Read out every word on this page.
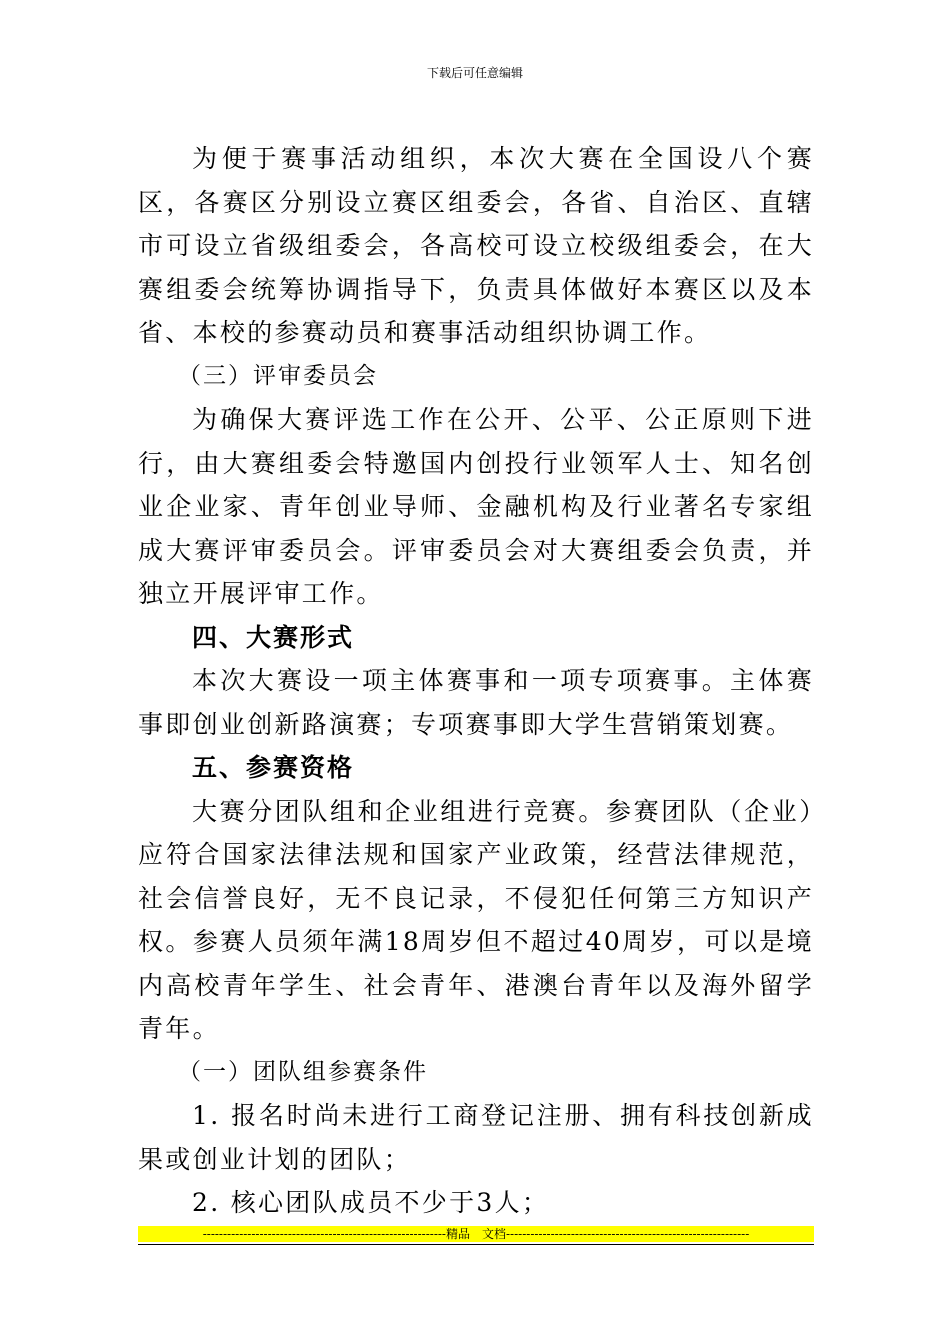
下载后可任意编辑

为便于赛事活动组织，本次大赛在全国设八个赛区，各赛区分别设立赛区组委会，各省、自治区、直辖市可设立省级组委会，各高校可设立校级组委会，在大赛组委会统筹协调指导下，负责具体做好本赛区以及本省、本校的参赛动员和赛事活动组织协调工作。

（三）评审委员会

为确保大赛评选工作在公开、公平、公正原则下进行，由大赛组委会特邀国内创投行业领军人士、知名创业企业家、青年创业导师、金融机构及行业著名专家组成大赛评审委员会。评审委员会对大赛组委会负责，并独立开展评审工作。

四、大赛形式

本次大赛设一项主体赛事和一项专项赛事。主体赛事即创业创新路演赛；专项赛事即大学生营销策划赛。

五、参赛资格

大赛分团队组和企业组进行竞赛。参赛团队（企业）应符合国家法律法规和国家产业政策，经营法律规范，社会信誉良好，无不良记录，不侵犯任何第三方知识产权。参赛人员须年满18周岁但不超过40周岁，可以是境内高校青年学生、社会青年、港澳台青年以及海外留学青年。

（一）团队组参赛条件

1. 报名时尚未进行工商登记注册、拥有科技创新成果或创业计划的团队；

2. 核心团队成员不少于3人；

------------------------------------------------------------精品　文档------------------------------------------------------------
